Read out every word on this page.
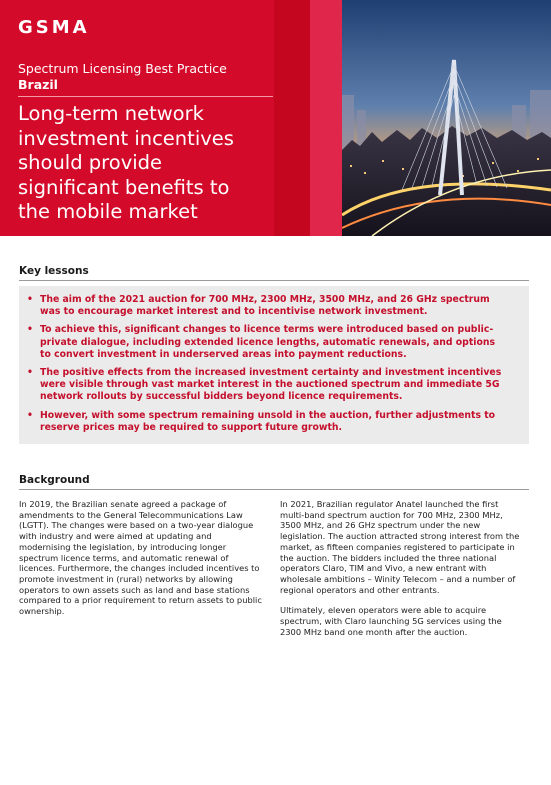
GSMA
Spectrum Licensing Best Practice
Brazil
Long-term network investment incentives should provide significant benefits to the mobile market
Key lessons
• The aim of the 2021 auction for 700 MHz, 2300 MHz, 3500 MHz, and 26 GHz spectrum was to encourage market interest and to incentivise network investment.
• To achieve this, significant changes to licence terms were introduced based on public-private dialogue, including extended licence lengths, automatic renewals, and options to convert investment in underserved areas into payment reductions.
• The positive effects from the increased investment certainty and investment incentives were visible through vast market interest in the auctioned spectrum and immediate 5G network rollouts by successful bidders beyond licence requirements.
• However, with some spectrum remaining unsold in the auction, further adjustments to reserve prices may be required to support future growth.
Background

In 2019, the Brazilian senate agreed a package of amendments to the General Telecommunications Law (LGTT). The changes were based on a two-year dialogue with industry and were aimed at updating and modernising the legislation, by introducing longer spectrum licence terms, and automatic renewal of licences. Furthermore, the changes included incentives to promote investment in (rural) networks by allowing operators to own assets such as land and base stations compared to a prior requirement to return assets to public ownership.

In 2021, Brazilian regulator Anatel launched the first multi-band spectrum auction for 700 MHz, 2300 MHz, 3500 MHz, and 26 GHz spectrum under the new legislation. The auction attracted strong interest from the market, as fifteen companies registered to participate in the auction. The bidders included the three national operators Claro, TIM and Vivo, a new entrant with wholesale ambitions – Winity Telecom – and a number of regional operators and other entrants.

Ultimately, eleven operators were able to acquire spectrum, with Claro launching 5G services using the 2300 MHz band one month after the auction.
